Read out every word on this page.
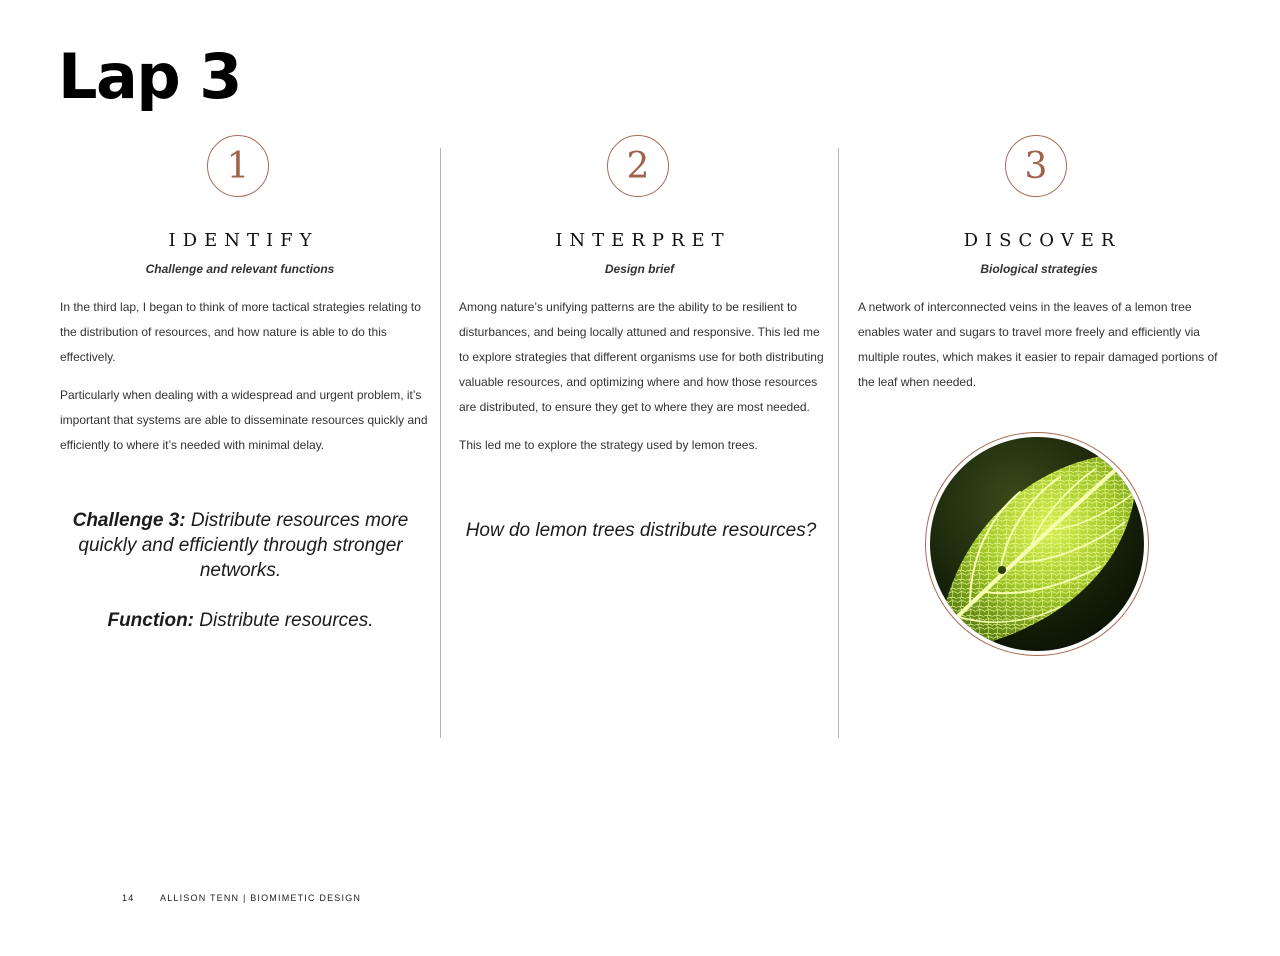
Lap 3
1
IDENTIFY
Challenge and relevant functions

In the third lap, I began to think of more tactical strategies relating to the distribution of resources, and how nature is able to do this effectively.

Particularly when dealing with a widespread and urgent problem, it’s important that systems are able to disseminate resources quickly and efficiently to where it’s needed with minimal delay.

Challenge 3: Distribute resources more quickly and efficiently through stronger networks.
Function: Distribute resources.
2
INTERPRET
Design brief

Among nature’s unifying patterns are the ability to be resilient to disturbances, and being locally attuned and responsive. This led me to explore strategies that different organisms use for both distributing valuable resources, and optimizing where and how those resources are distributed, to ensure they get to where they are most needed.

This led me to explore the strategy used by lemon trees.

How do lemon trees distribute resources?
3
DISCOVER
Biological strategies

A network of interconnected veins in the leaves of a lemon tree enables water and sugars to travel more freely and efficiently via multiple routes, which makes it easier to repair damaged portions of the leaf when needed.

14	ALLISON TENN | BIOMIMETIC DESIGN
